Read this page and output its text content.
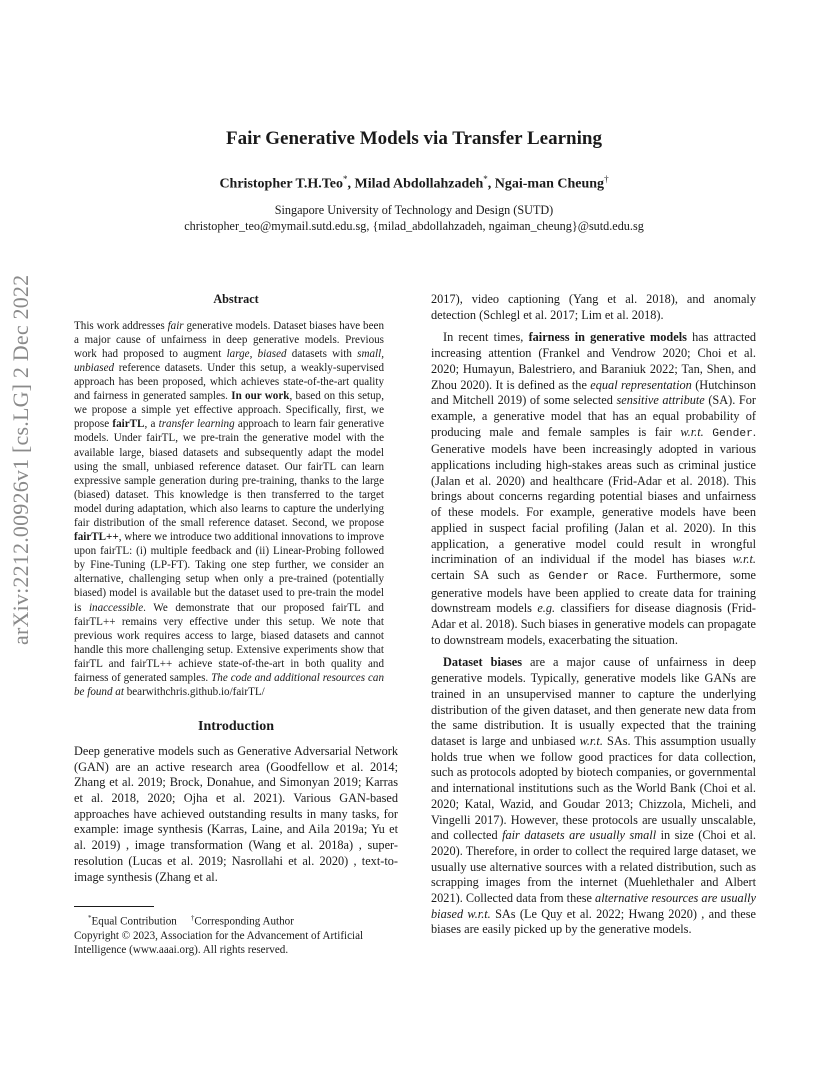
arXiv:2212.00926v1 [cs.LG] 2 Dec 2022
Fair Generative Models via Transfer Learning
Christopher T.H.Teo*, Milad Abdollahzadeh*, Ngai-man Cheung†
Singapore University of Technology and Design (SUTD)
christopher_teo@mymail.sutd.edu.sg, {milad_abdollahzadeh, ngaiman_cheung}@sutd.edu.sg
Abstract

This work addresses fair generative models. Dataset biases have been a major cause of unfairness in deep generative models. Previous work had proposed to augment large, biased datasets with small, unbiased reference datasets. Under this setup, a weakly-supervised approach has been proposed, which achieves state-of-the-art quality and fairness in generated samples. In our work, based on this setup, we propose a simple yet effective approach. Specifically, first, we propose fairTL, a transfer learning approach to learn fair generative models. Under fairTL, we pre-train the generative model with the available large, biased datasets and subsequently adapt the model using the small, unbiased reference dataset. Our fairTL can learn expressive sample generation during pre-training, thanks to the large (biased) dataset. This knowledge is then transferred to the target model during adaptation, which also learns to capture the underlying fair distribution of the small reference dataset. Second, we propose fairTL++, where we introduce two additional innovations to improve upon fairTL: (i) multiple feedback and (ii) Linear-Probing followed by Fine-Tuning (LP-FT). Taking one step further, we consider an alternative, challenging setup when only a pre-trained (potentially biased) model is available but the dataset used to pre-train the model is inaccessible. We demonstrate that our proposed fairTL and fairTL++ remains very effective under this setup. We note that previous work requires access to large, biased datasets and cannot handle this more challenging setup. Extensive experiments show that fairTL and fairTL++ achieve state-of-the-art in both quality and fairness of generated samples. The code and additional resources can be found at bearwithchris.github.io/fairTL/

Introduction

Deep generative models such as Generative Adversarial Network (GAN) are an active research area (Goodfellow et al. 2014; Zhang et al. 2019; Brock, Donahue, and Simonyan 2019; Karras et al. 2018, 2020; Ojha et al. 2021). Various GAN-based approaches have achieved outstanding results in many tasks, for example: image synthesis (Karras, Laine, and Aila 2019a; Yu et al. 2019) , image transformation (Wang et al. 2018a) , super-resolution (Lucas et al. 2019; Nasrollahi et al. 2020) , text-to-image synthesis (Zhang et al.

*Equal Contribution †Corresponding Author
Copyright © 2023, Association for the Advancement of Artificial Intelligence (www.aaai.org). All rights reserved.

2017), video captioning (Yang et al. 2018), and anomaly detection (Schlegl et al. 2017; Lim et al. 2018).

In recent times, fairness in generative models has attracted increasing attention (Frankel and Vendrow 2020; Choi et al. 2020; Humayun, Balestriero, and Baraniuk 2022; Tan, Shen, and Zhou 2020). It is defined as the equal representation (Hutchinson and Mitchell 2019) of some selected sensitive attribute (SA). For example, a generative model that has an equal probability of producing male and female samples is fair w.r.t. Gender. Generative models have been increasingly adopted in various applications including high-stakes areas such as criminal justice (Jalan et al. 2020) and healthcare (Frid-Adar et al. 2018). This brings about concerns regarding potential biases and unfairness of these models. For example, generative models have been applied in suspect facial profiling (Jalan et al. 2020). In this application, a generative model could result in wrongful incrimination of an individual if the model has biases w.r.t. certain SA such as Gender or Race. Furthermore, some generative models have been applied to create data for training downstream models e.g. classifiers for disease diagnosis (Frid-Adar et al. 2018). Such biases in generative models can propagate to downstream models, exacerbating the situation.

Dataset biases are a major cause of unfairness in deep generative models. Typically, generative models like GANs are trained in an unsupervised manner to capture the underlying distribution of the given dataset, and then generate new data from the same distribution. It is usually expected that the training dataset is large and unbiased w.r.t. SAs. This assumption usually holds true when we follow good practices for data collection, such as protocols adopted by biotech companies, or governmental and international institutions such as the World Bank (Choi et al. 2020; Katal, Wazid, and Goudar 2013; Chizzola, Micheli, and Vingelli 2017). However, these protocols are usually unscalable, and collected fair datasets are usually small in size (Choi et al. 2020). Therefore, in order to collect the required large dataset, we usually use alternative sources with a related distribution, such as scrapping images from the internet (Muehlethaler and Albert 2021). Collected data from these alternative resources are usually biased w.r.t. SAs (Le Quy et al. 2022; Hwang 2020) , and these biases are easily picked up by the generative models.
